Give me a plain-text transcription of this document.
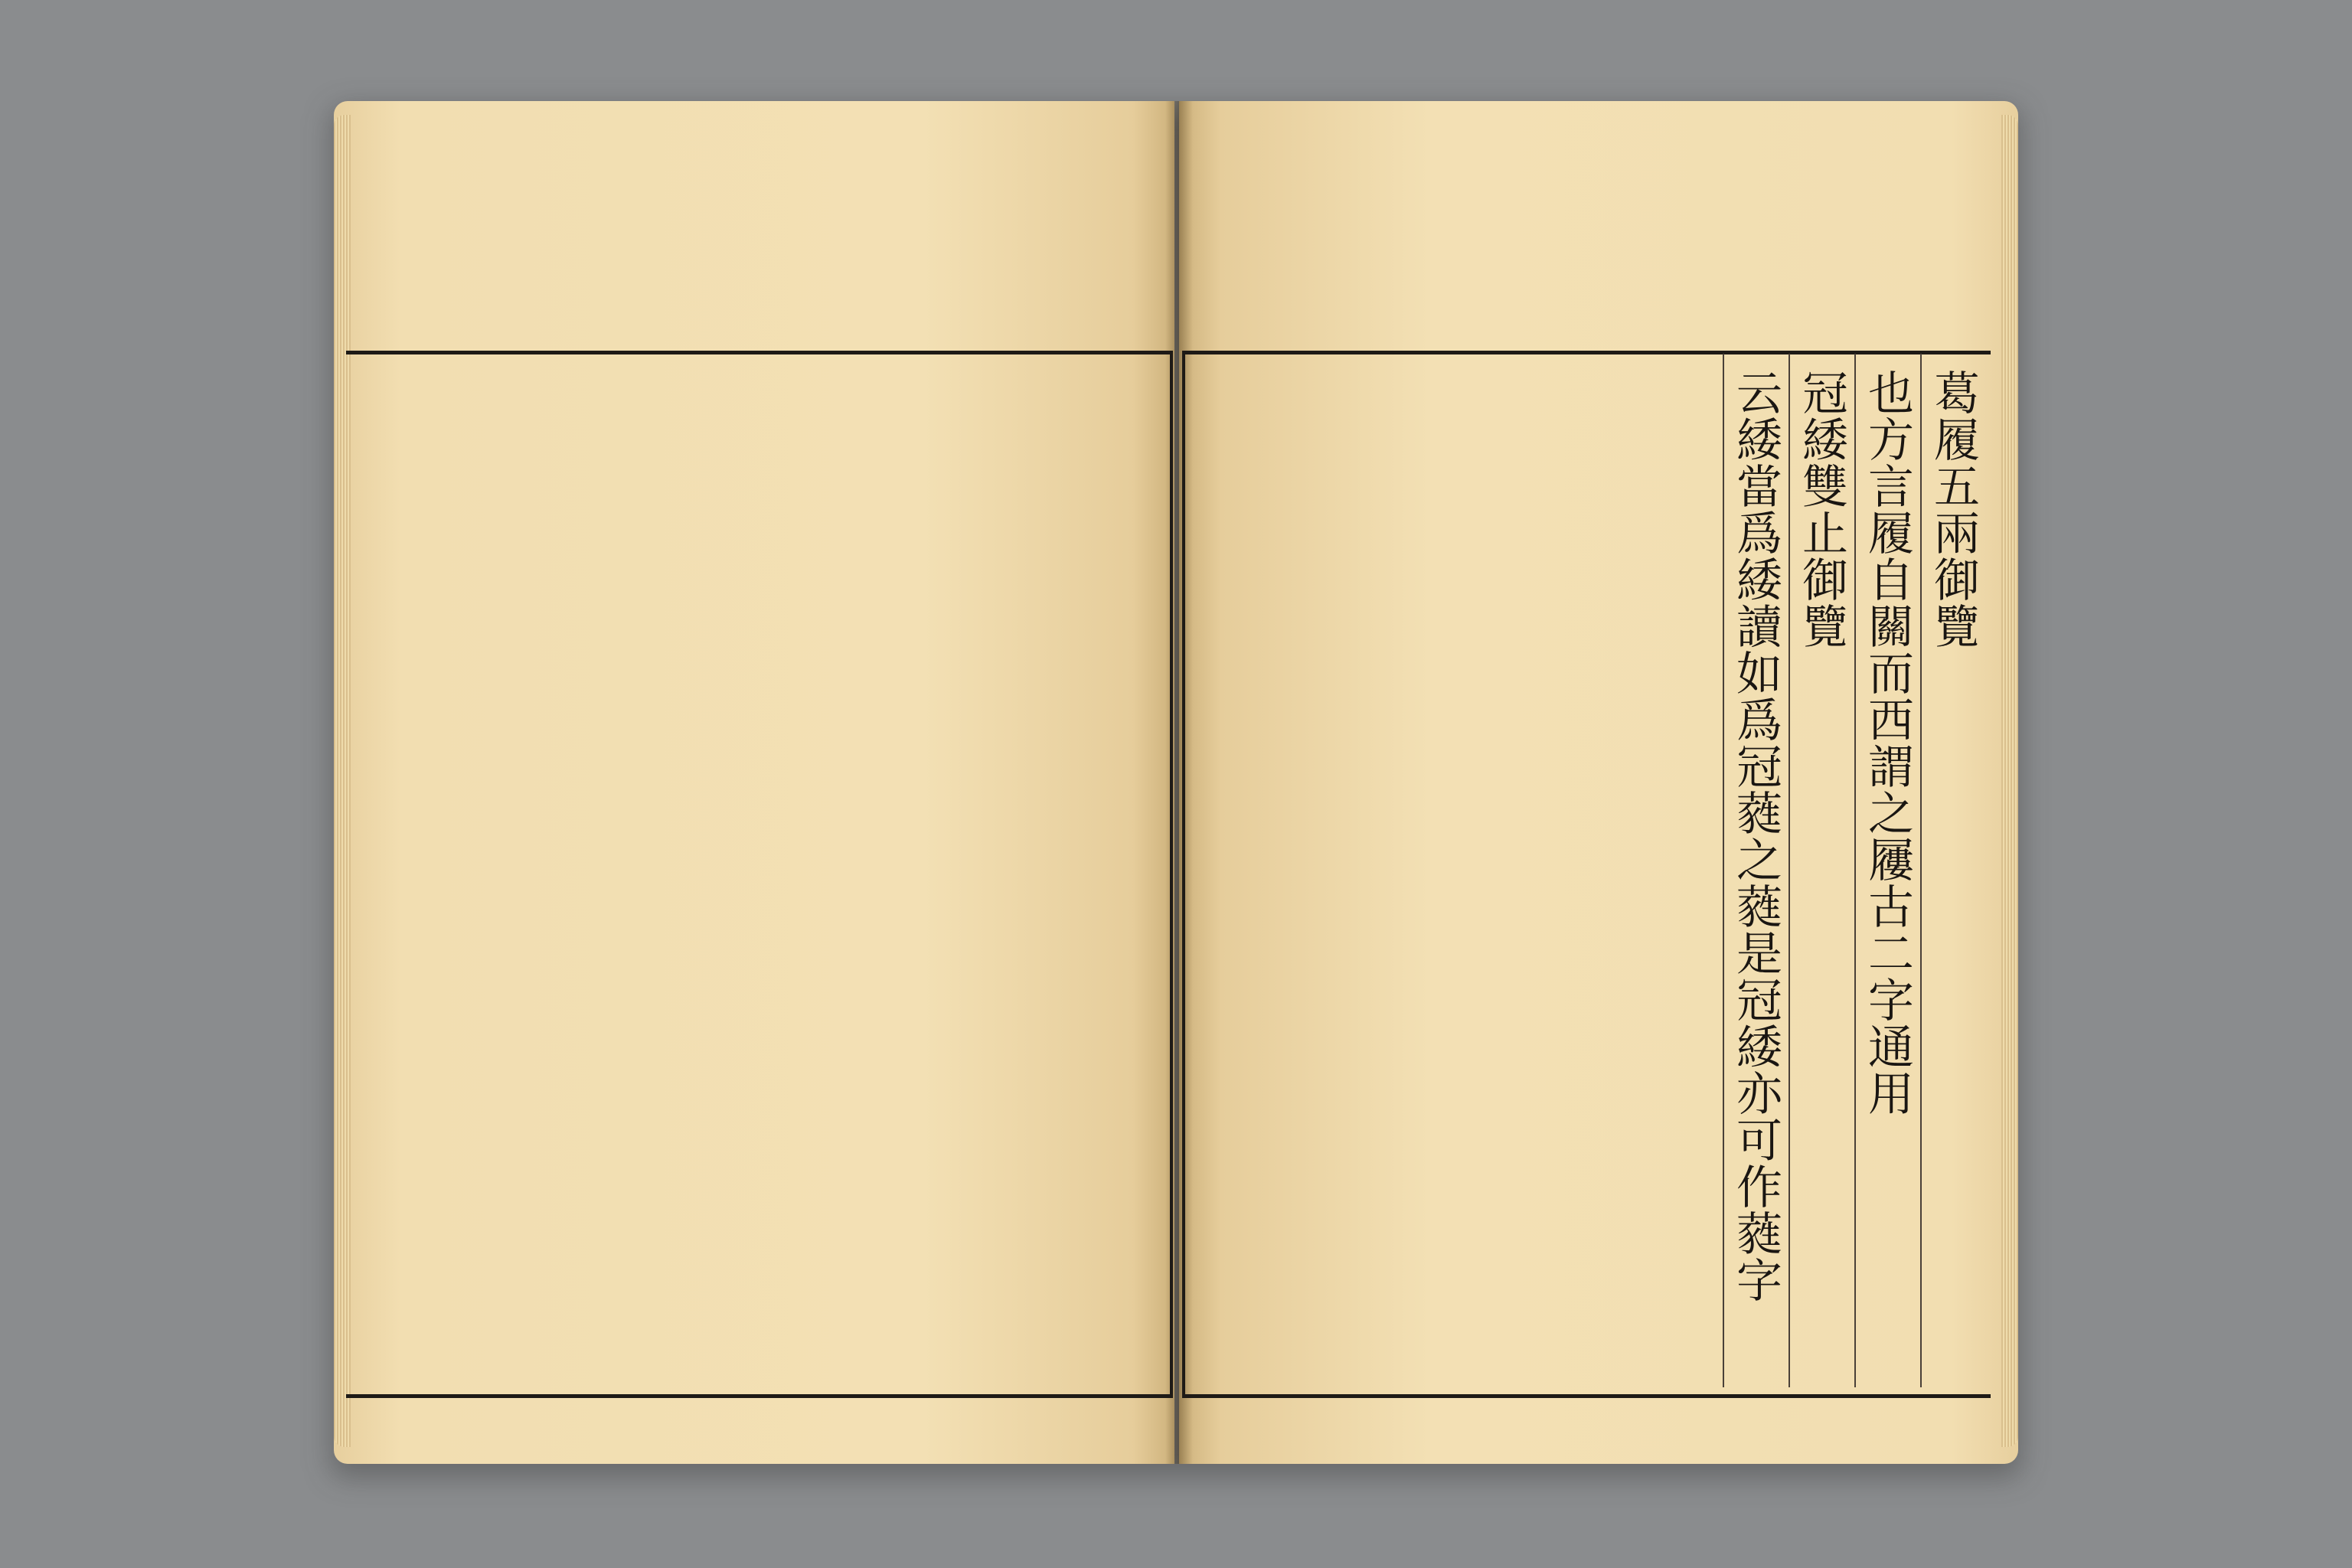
葛履五兩御覽
也方言履自關而西謂之屨古二字通用
冠緌雙止御覽
云緌當爲緌讀如爲冠蕤之蕤是冠緌亦可作蕤字
